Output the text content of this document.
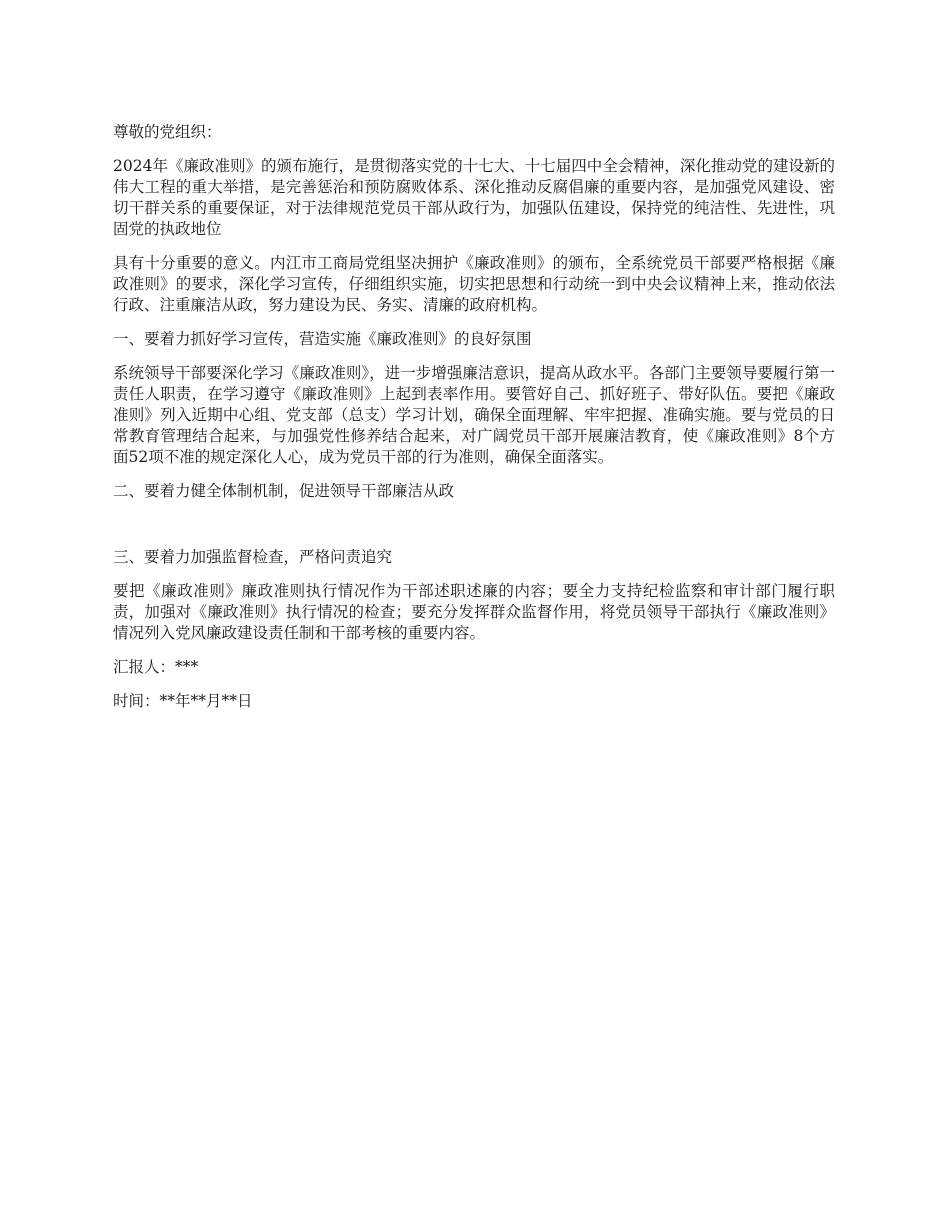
尊敬的党组织：

2024年《廉政准则》的颁布施行，是贯彻落实党的十七大、十七届四中全会精神，深化推动党的建设新的伟大工程的重大举措，是完善惩治和预防腐败体系、深化推动反腐倡廉的重要内容，是加强党风建设、密切干群关系的重要保证，对于法律规范党员干部从政行为，加强队伍建设，保持党的纯洁性、先进性，巩固党的执政地位

具有十分重要的意义。内江市工商局党组坚决拥护《廉政准则》的颁布，全系统党员干部要严格根据《廉政准则》的要求，深化学习宣传，仔细组织实施，切实把思想和行动统一到中央会议精神上来，推动依法行政、注重廉洁从政，努力建设为民、务实、清廉的政府机构。

一、要着力抓好学习宣传，营造实施《廉政准则》的良好氛围

系统领导干部要深化学习《廉政准则》，进一步增强廉洁意识，提高从政水平。各部门主要领导要履行第一责任人职责，在学习遵守《廉政准则》上起到表率作用。要管好自己、抓好班子、带好队伍。要把《廉政准则》列入近期中心组、党支部（总支）学习计划，确保全面理解、牢牢把握、准确实施。要与党员的日常教育管理结合起来，与加强党性修养结合起来，对广阔党员干部开展廉洁教育，使《廉政准则》8个方面52项不准的规定深化人心，成为党员干部的行为准则，确保全面落实。

二、要着力健全体制机制，促进领导干部廉洁从政

三、要着力加强监督检查，严格问责追究

要把《廉政准则》廉政准则执行情况作为干部述职述廉的内容；要全力支持纪检监察和审计部门履行职责，加强对《廉政准则》执行情况的检查；要充分发挥群众监督作用，将党员领导干部执行《廉政准则》情况列入党风廉政建设责任制和干部考核的重要内容。

汇报人：***

时间：**年**月**日
